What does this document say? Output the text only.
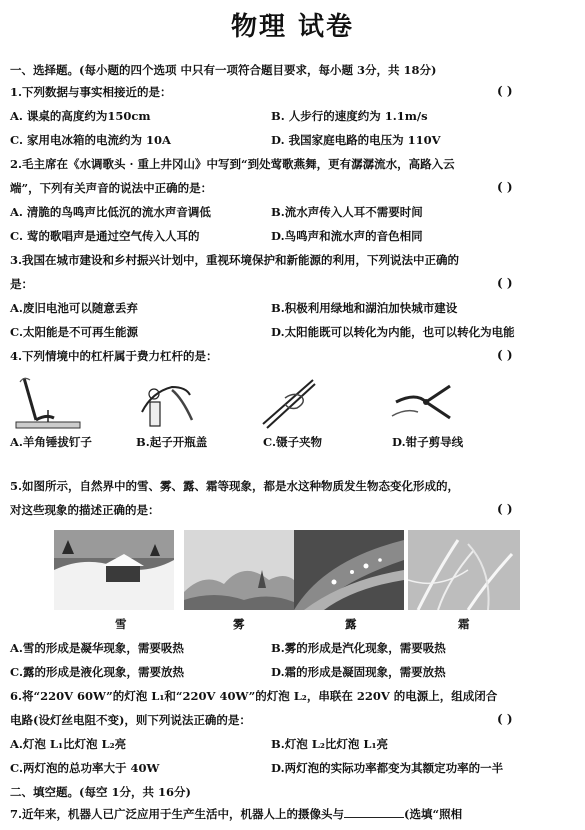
物理 试卷
一、选择题。(每小题的四个选项 中只有一项符合题目要求，每小题 3分，共 18分)
1.下列数据与事实相接近的是：	( )
A. 课桌的高度约为150cm	B. 人步行的速度约为 1.1m/s
C. 家用电冰箱的电流约为 10A	D. 我国家庭电路的电压为 110V
2.毛主席在《水调歌头 · 重上井冈山》中写到“到处莺歌燕舞，更有潺潺流水，高路入云
端”，下列有关声音的说法中正确的是：	( )
A. 清脆的鸟鸣声比低沉的流水声音调低	B.流水声传入人耳不需要时间
C. 莺的歌唱声是通过空气传入人耳的	D.鸟鸣声和流水声的音色相同
3.我国在城市建设和乡村振兴计划中，重视环境保护和新能源的利用，下列说法中正确的
是：	( )
A.废旧电池可以随意丢弃	B.积极利用绿地和湖泊加快城市建设
C.太阳能是不可再生能源	D.太阳能既可以转化为内能，也可以转化为电能
4.下列情境中的杠杆属于费力杠杆的是：	( )
A.羊角锤拔钉子	B.起子开瓶盖	C.镊子夹物	D.钳子剪导线
5.如图所示，自然界中的雪、雾、露、霜等现象，都是水这种物质发生物态变化形成的，
对这些现象的描述正确的是：	( )
雪	雾	露	霜
A.雪的形成是凝华现象，需要吸热	B.雾的形成是汽化现象，需要吸热
C.露的形成是液化现象，需要放热	D.霜的形成是凝固现象，需要放热
6.将“220V 60W”的灯泡 L₁和“220V 40W”的灯泡 L₂，串联在 220V 的电源上，组成闭合
电路(设灯丝电阻不变)，则下列说法正确的是：	( )
A.灯泡 L₁比灯泡 L₂亮	B.灯泡 L₂比灯泡 L₁亮
C.两灯泡的总功率大于 40W	D.两灯泡的实际功率都变为其额定功率的一半
二、填空题。(每空 1分，共 16分)
7.近年来，机器人已广泛应用于生产生活中，机器人上的摄像头与	(选填“照相
